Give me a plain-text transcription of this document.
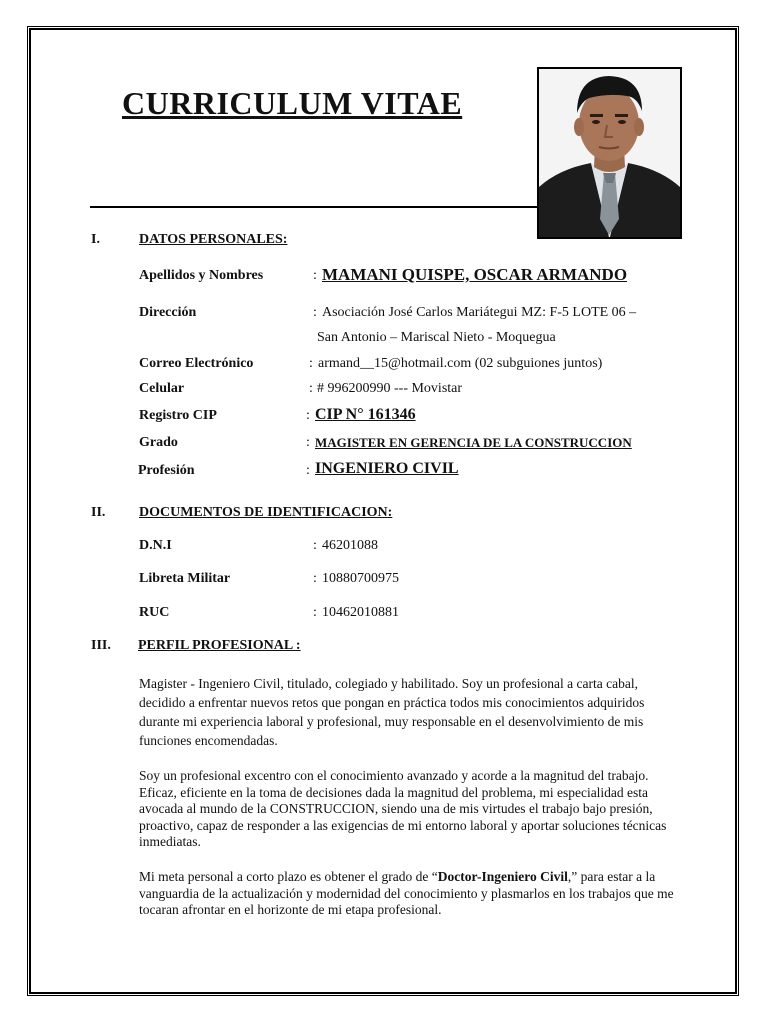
CURRICULUM VITAE
I.	DATOS PERSONALES:
Apellidos y Nombres	: MAMANI QUISPE, OSCAR ARMANDO
Dirección	: Asociación José Carlos Mariátegui MZ: F-5 LOTE 06 –
San Antonio – Mariscal Nieto - Moquegua
Correo Electrónico	: armand__15@hotmail.com (02 subguiones juntos)
Celular	: # 996200990 --- Movistar
Registro CIP	: CIP N° 161346
Grado	: MAGISTER EN GERENCIA DE LA CONSTRUCCION
Profesión	: INGENIERO CIVIL
II. DOCUMENTOS DE IDENTIFICACION:
D.N.I	: 46201088
Libreta Militar	: 10880700975
RUC	: 10462010881
III. PERFIL PROFESIONAL :
Magister - Ingeniero Civil, titulado, colegiado y habilitado. Soy un profesional a carta cabal, decidido a enfrentar nuevos retos que pongan en práctica todos mis conocimientos adquiridos durante mi experiencia laboral y profesional, muy responsable en el desenvolvimiento de mis funciones encomendadas.
Soy un profesional excentro con el conocimiento avanzado y acorde a la magnitud del trabajo. Eficaz, eficiente en la toma de decisiones dada la magnitud del problema, mi especialidad esta avocada al mundo de la CONSTRUCCION, siendo una de mis virtudes el trabajo bajo presión, proactivo, capaz de responder a las exigencias de mi entorno laboral y aportar soluciones técnicas inmediatas.
Mi meta personal a corto plazo es obtener el grado de “Doctor-Ingeniero Civil,” para estar a la vanguardia de la actualización y modernidad del conocimiento y plasmarlos en los trabajos que me tocaran afrontar en el horizonte de mi etapa profesional.
